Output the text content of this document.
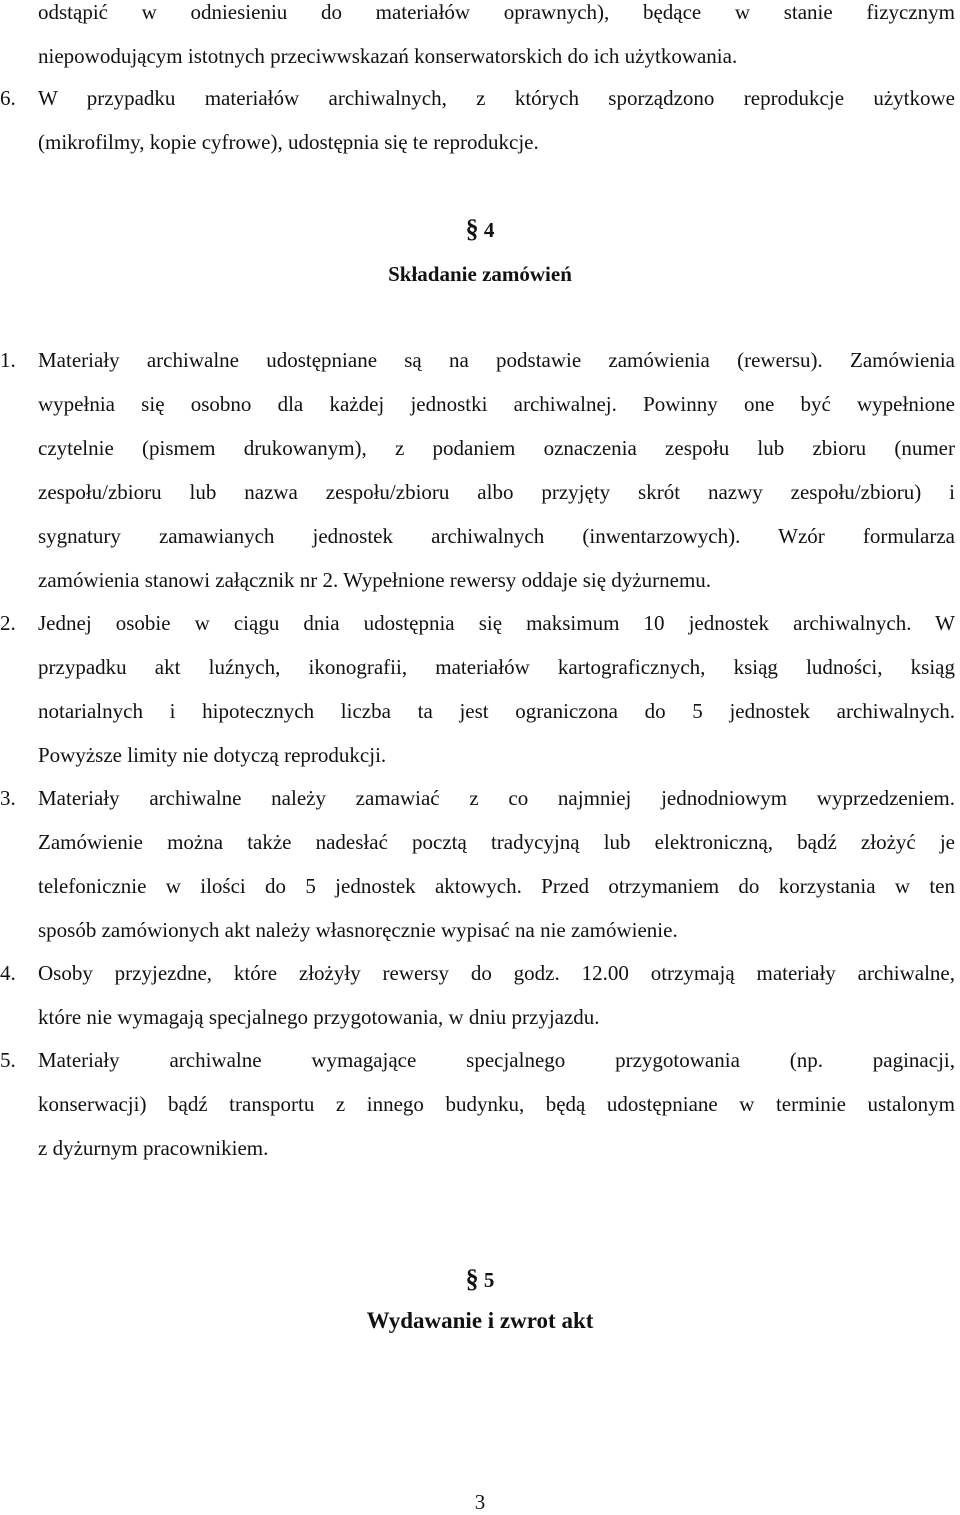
odstąpić w odniesieniu do materiałów oprawnych), będące w stanie fizycznym
niepowodującym istotnych przeciwwskazań konserwatorskich do ich użytkowania.
6.	W przypadku materiałów archiwalnych, z których sporządzono reprodukcje użytkowe
(mikrofilmy, kopie cyfrowe), udostępnia się te reprodukcje.
§ 4
Składanie zamówień
1.	Materiały archiwalne udostępniane są na podstawie zamówienia (rewersu). Zamówienia
wypełnia się osobno dla każdej jednostki archiwalnej. Powinny one być wypełnione
czytelnie (pismem drukowanym), z podaniem oznaczenia zespołu lub zbioru (numer
zespołu/zbioru lub nazwa zespołu/zbioru albo przyjęty skrót nazwy zespołu/zbioru) i
sygnatury zamawianych jednostek archiwalnych (inwentarzowych). Wzór formularza
zamówienia stanowi załącznik nr 2. Wypełnione rewersy oddaje się dyżurnemu.
2.	Jednej osobie w ciągu dnia udostępnia się maksimum 10 jednostek archiwalnych. W
przypadku akt luźnych, ikonografii, materiałów kartograficznych, ksiąg ludności, ksiąg
notarialnych i hipotecznych liczba ta jest ograniczona do 5 jednostek archiwalnych.
Powyższe limity nie dotyczą reprodukcji.
3.	Materiały archiwalne należy zamawiać z co najmniej jednodniowym wyprzedzeniem.
Zamówienie można także nadesłać pocztą tradycyjną lub elektroniczną, bądź złożyć je
telefonicznie w ilości do 5 jednostek aktowych. Przed otrzymaniem do korzystania w ten
sposób zamówionych akt należy własnoręcznie wypisać na nie zamówienie.
4.	Osoby przyjezdne, które złożyły rewersy do godz. 12.00 otrzymają materiały archiwalne,
które nie wymagają specjalnego przygotowania, w dniu przyjazdu.
5.	Materiały archiwalne wymagające specjalnego przygotowania (np. paginacji,
konserwacji) bądź transportu z innego budynku, będą udostępniane w terminie ustalonym
z dyżurnym pracownikiem.
§ 5
Wydawanie i zwrot akt
3
